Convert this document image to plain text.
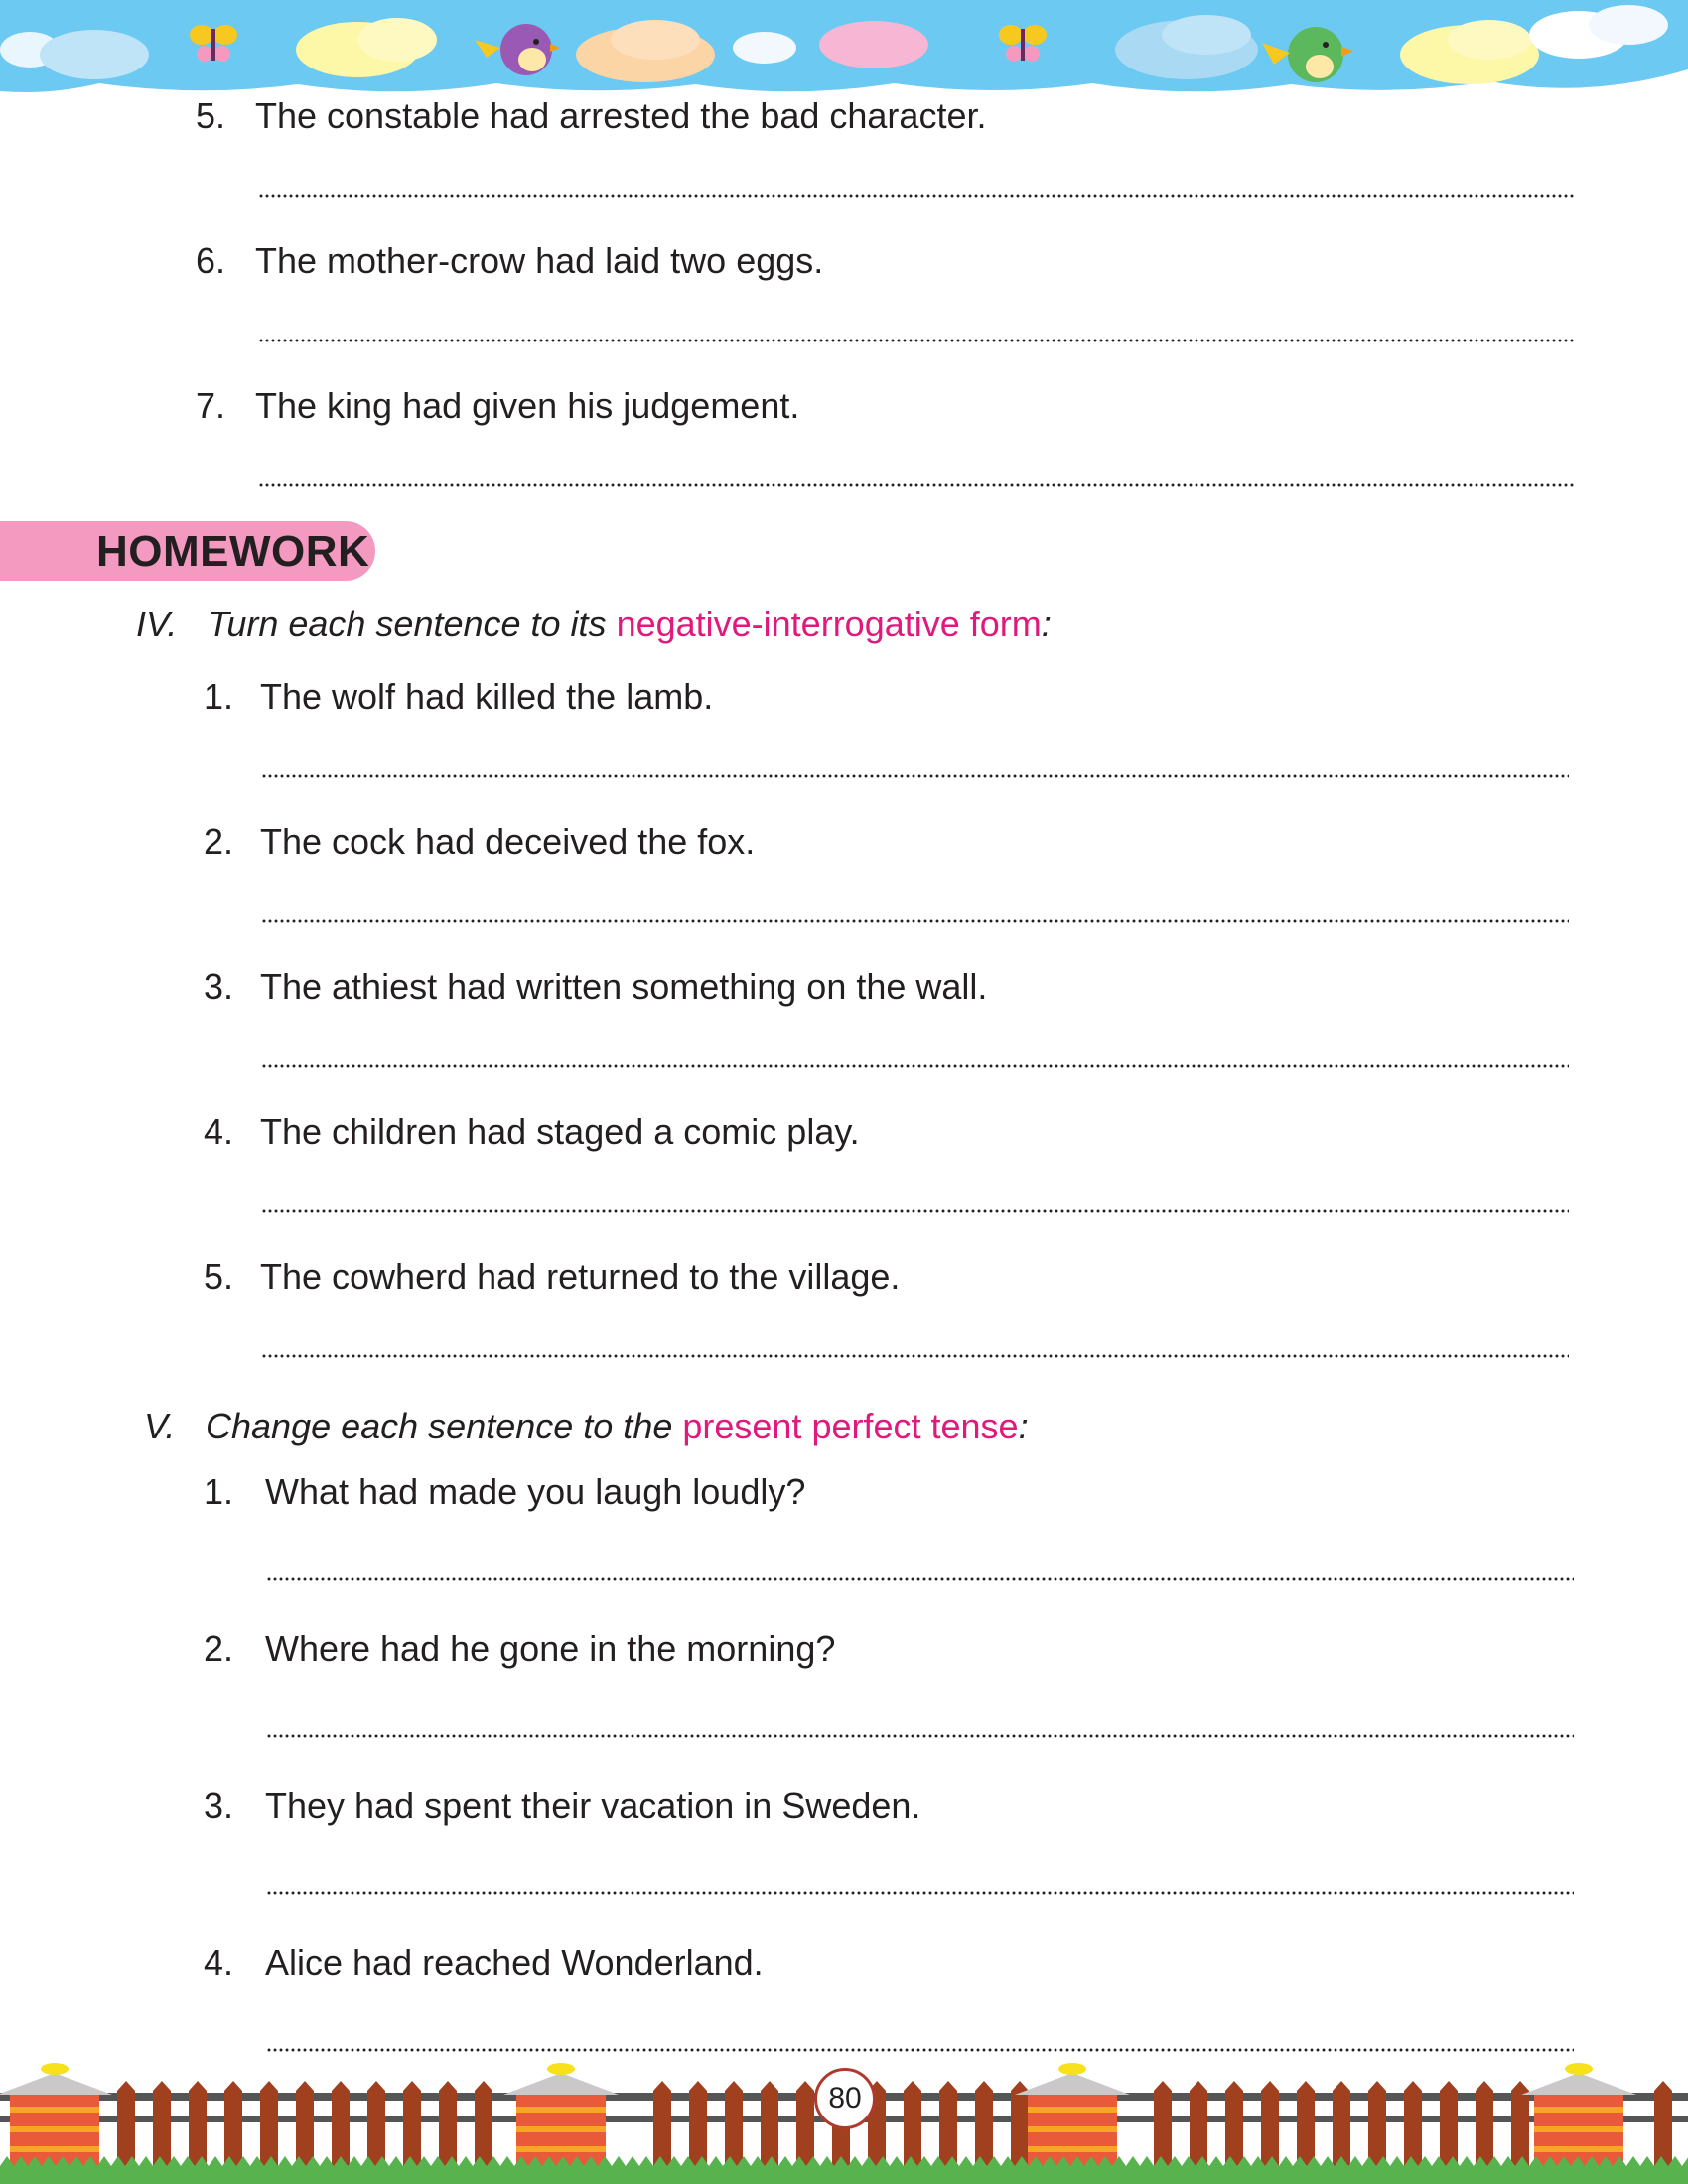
5. The constable had arrested the bad character.
6. The mother-crow had laid two eggs.
7. The king had given his judgement.
HOMEWORK
IV. Turn each sentence to its negative-interrogative form:
1. The wolf had killed the lamb.
2. The cock had deceived the fox.
3. The athiest had written something on the wall.
4. The children had staged a comic play.
5. The cowherd had returned to the village.
V. Change each sentence to the present perfect tense:
1. What had made you laugh loudly?
2. Where had he gone in the morning?
3. They had spent their vacation in Sweden.
4. Alice had reached Wonderland.
80
